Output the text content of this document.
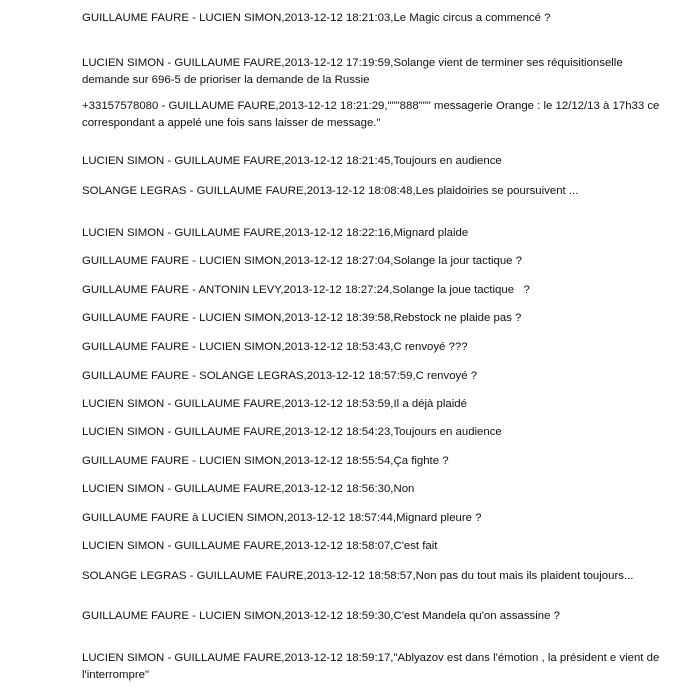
GUILLAUME FAURE - LUCIEN SIMON,2013-12-12 18:21:03,Le Magic circus a commencé ?

LUCIEN SIMON - GUILLAUME FAURE,2013-12-12 17:19:59,Solange vient de terminer ses réquisitionselle demande sur 696-5 de prioriser la demande de la Russie

+33157578080 - GUILLAUME FAURE,2013-12-12 18:21:29,"""888""" messagerie Orange : le 12/12/13 à 17h33 ce correspondant a appelé une fois sans laisser de message."

LUCIEN SIMON - GUILLAUME FAURE,2013-12-12 18:21:45,Toujours en audience

SOLANGE LEGRAS - GUILLAUME FAURE,2013-12-12 18:08:48,Les plaidoiries se poursuivent ...

LUCIEN SIMON - GUILLAUME FAURE,2013-12-12 18:22:16,Mignard plaide

GUILLAUME FAURE - LUCIEN SIMON,2013-12-12 18:27:04,Solange la jour tactique ?

GUILLAUME FAURE - ANTONIN LEVY,2013-12-12 18:27:24,Solange la joue tactique   ?

GUILLAUME FAURE - LUCIEN SIMON,2013-12-12 18:39:58,Rebstock ne plaide pas ?

GUILLAUME FAURE - LUCIEN SIMON,2013-12-12 18:53:43,C renvoyé ???

GUILLAUME FAURE - SOLANGE LEGRAS,2013-12-12 18:57:59,C renvoyé ?

LUCIEN SIMON - GUILLAUME FAURE,2013-12-12 18:53:59,Il a déjà plaidé

LUCIEN SIMON - GUILLAUME FAURE,2013-12-12 18:54:23,Toujours en audience

GUILLAUME FAURE - LUCIEN SIMON,2013-12-12 18:55:54,Ça fighte ?

LUCIEN SIMON - GUILLAUME FAURE,2013-12-12 18:56:30,Non

GUILLAUME FAURE à LUCIEN SIMON,2013-12-12 18:57:44,Mignard pleure ?

LUCIEN SIMON - GUILLAUME FAURE,2013-12-12 18:58:07,C'est fait

SOLANGE LEGRAS - GUILLAUME FAURE,2013-12-12 18:58:57,Non pas du tout mais ils plaident toujours...

GUILLAUME FAURE - LUCIEN SIMON,2013-12-12 18:59:30,C'est Mandela qu'on assassine ?

LUCIEN SIMON - GUILLAUME FAURE,2013-12-12 18:59:17,"Ablyazov est dans l'émotion , la président e vient de l'interrompre"
